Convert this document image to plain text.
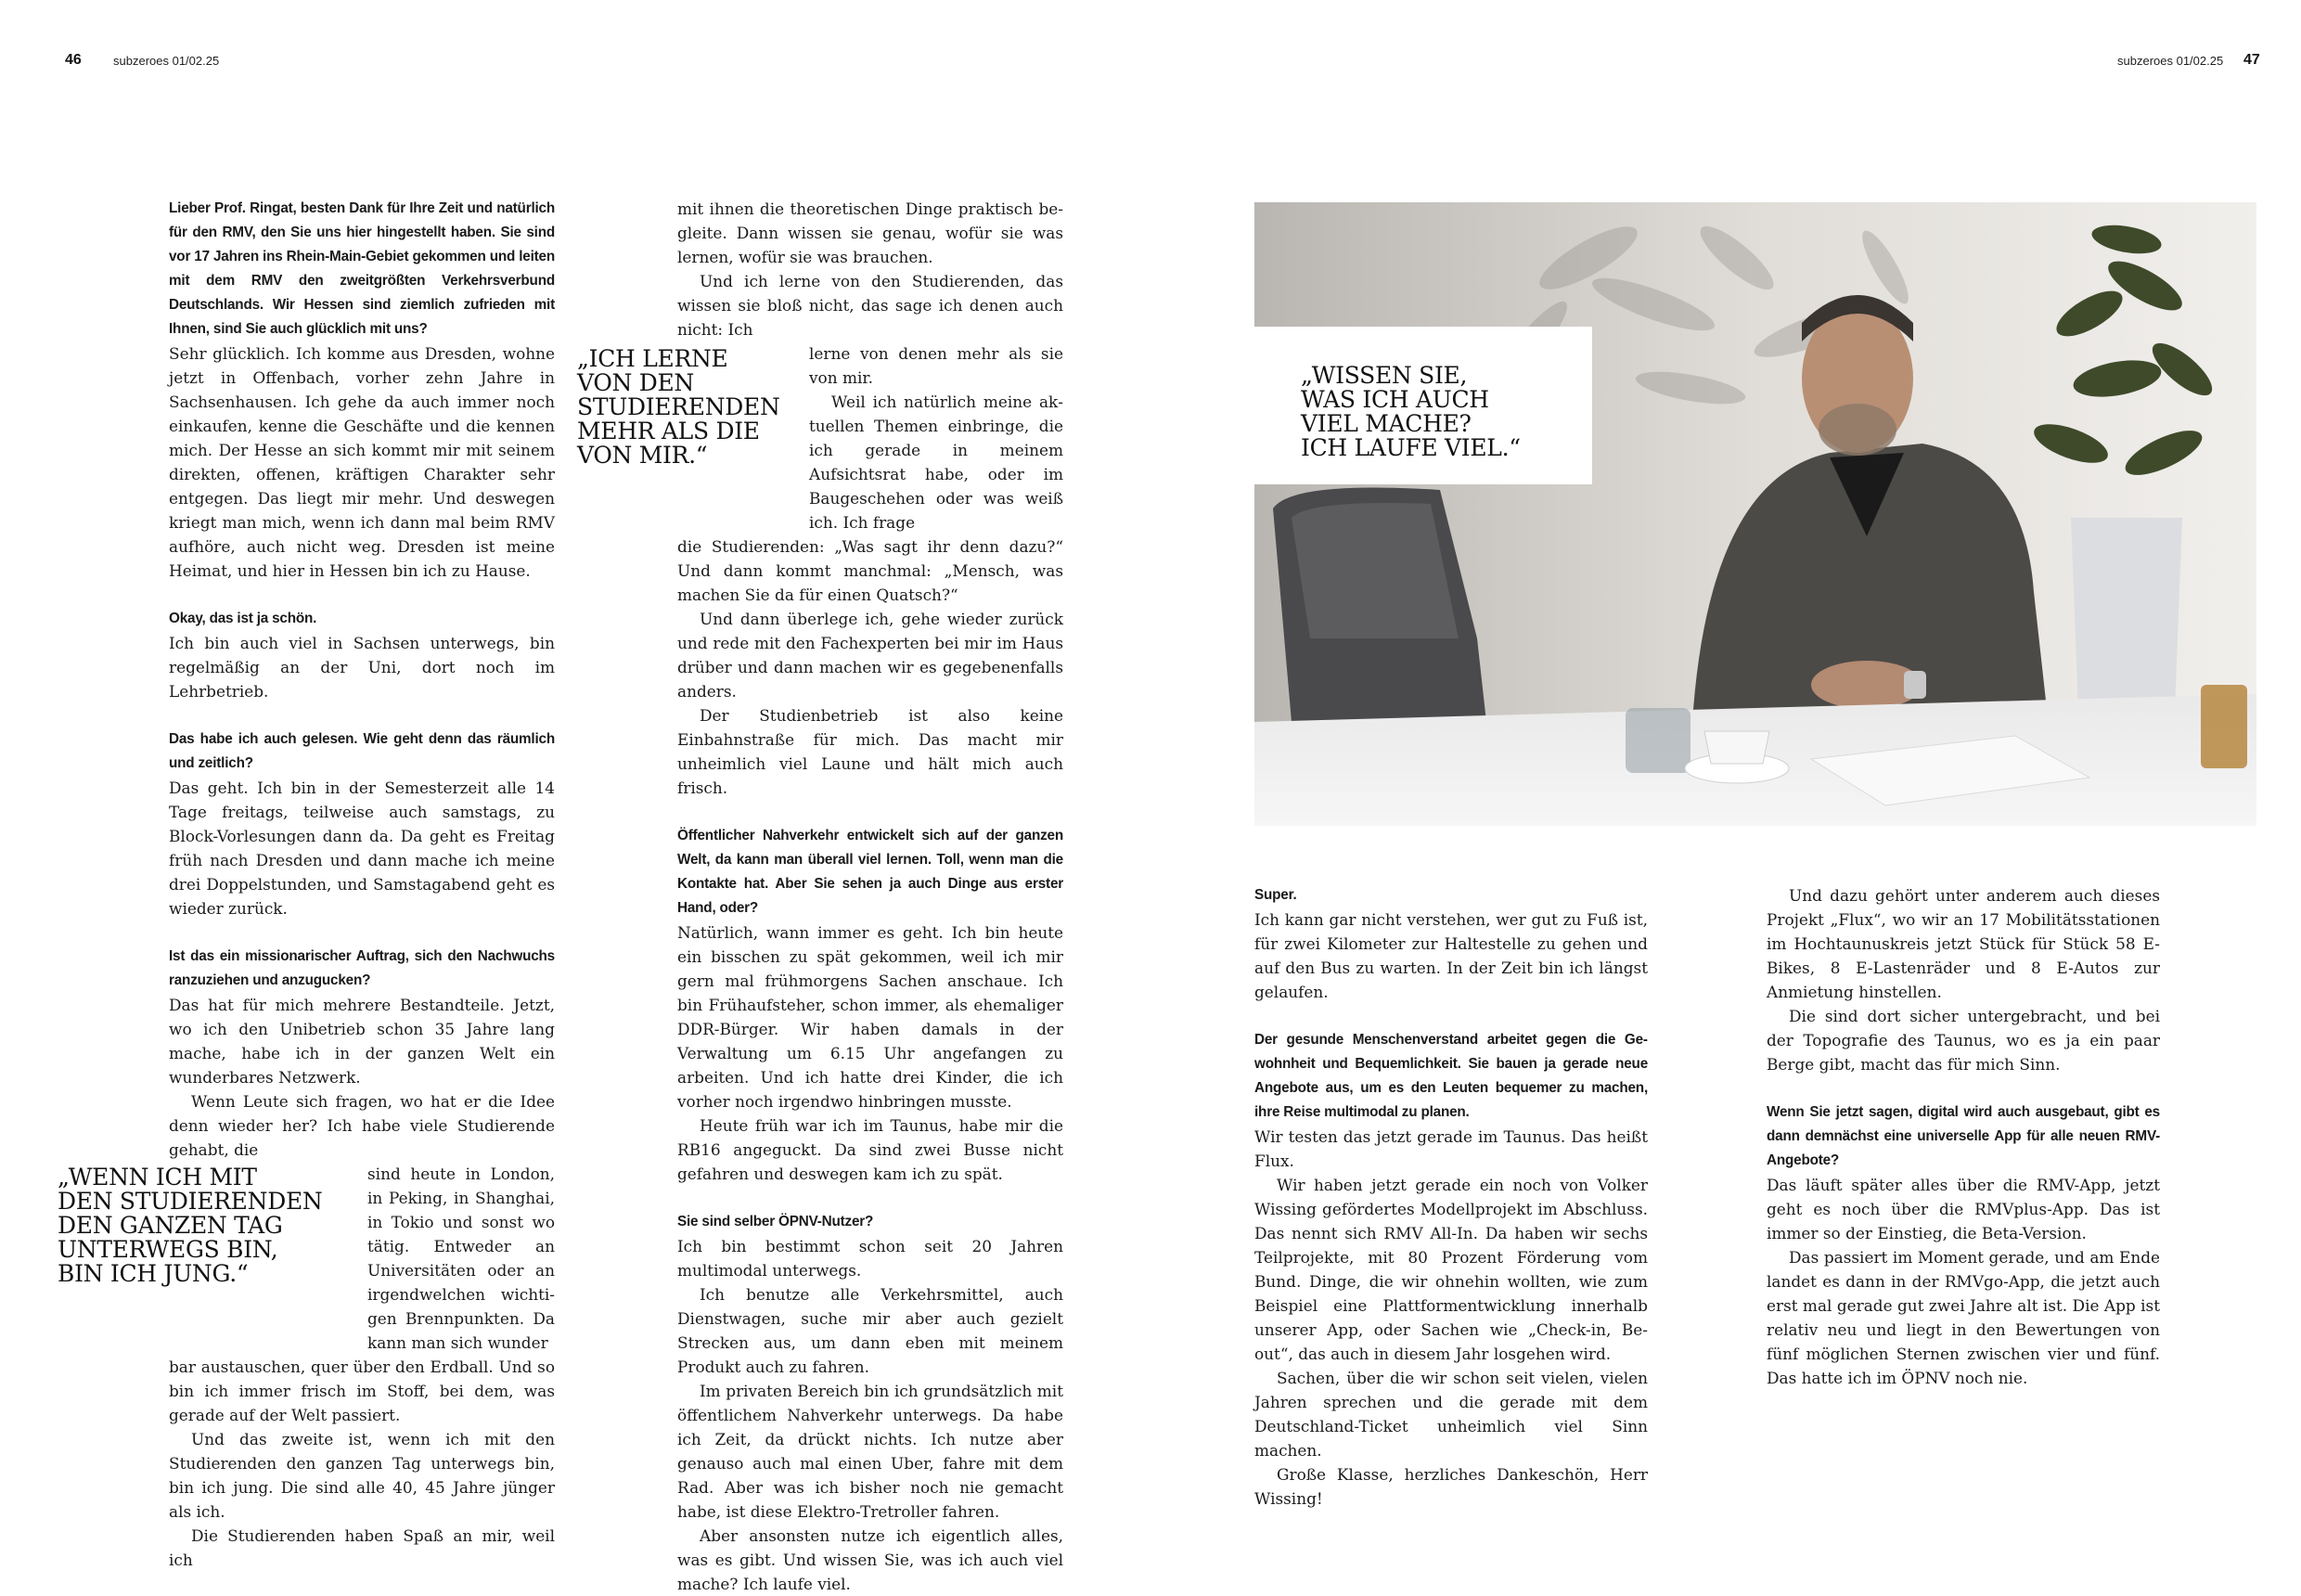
46	subzeroes 01/02.25	subzeroes 01/02.25 47

Lieber Prof. Ringat, besten Dank für Ihre Zeit und natürlich für den RMV, den Sie uns hier hingestellt haben. Sie sind vor 17 Jahren ins Rhein-Main-Gebiet gekommen und leiten mit dem RMV den zweitgrößten Verkehrsverbund Deutschlands. Wir Hessen sind ziemlich zufrieden mit Ihnen, sind Sie auch glücklich mit uns?

Sehr glücklich. Ich komme aus Dresden, wohne jetzt in Offenbach, vorher zehn Jahre in Sachsenhausen. Ich gehe da auch immer noch einkaufen, kenne die Geschäfte und die kennen mich. Der Hesse an sich kommt mir mit seinem direkten, offenen, kräftigen Charakter sehr entgegen. Das liegt mir mehr. Und deswegen kriegt man mich, wenn ich dann mal beim RMV aufhöre, auch nicht weg. Dresden ist meine Heimat, und hier in Hessen bin ich zu Hause.

Okay, das ist ja schön.

Ich bin auch viel in Sachsen unterwegs, bin regelmäßig an der Uni, dort noch im Lehrbetrieb.

Das habe ich auch gelesen. Wie geht denn das räumlich und zeitlich?

Das geht. Ich bin in der Semesterzeit alle 14 Tage freitags, teilweise auch samstags, zu Block-Vorlesungen dann da. Da geht es Freitag früh nach Dresden und dann mache ich meine drei Doppelstunden, und Samstagabend geht es wieder zurück.

Ist das ein missionarischer Auftrag, sich den Nachwuchs ranzuziehen und anzugucken?

Das hat für mich mehrere Bestandteile. Jetzt, wo ich den Unibetrieb schon 35 Jahre lang mache, habe ich in der ganzen Welt ein wunderbares Netzwerk.

Wenn Leute sich fragen, wo hat er die Idee denn wieder her? Ich habe viele Studierende gehabt, die

sind heute in London, in Peking, in Shanghai, in Tokio und sonst wo tätig. Entweder an Universitäten oder an irgendwelchen wichtigen Brennpunkten. Da kann man sich wunder

bar austauschen, quer über den Erdball. Und so bin ich immer frisch im Stoff, bei dem, was gerade auf der Welt passiert.

Und das zweite ist, wenn ich mit den Studierenden den ganzen Tag unterwegs bin, bin ich jung. Die sind alle 40, 45 Jahre jünger als ich.

Die Studierenden haben Spaß an mir, weil ich

„ICH LERNE
VON DEN
STUDIERENDEN
MEHR ALS DIE
VON MIR.“

mit ihnen die theoretischen Dinge praktisch begleite. Dann wissen sie genau, wofür sie was lernen, wofür sie was brauchen.

Und ich lerne von den Studierenden, das wissen sie bloß nicht, das sage ich denen auch nicht: Ich

lerne von denen mehr als sie von mir.

Weil ich natürlich meine aktuellen Themen einbringe, die ich gerade in meinem Aufsichtsrat habe, oder im Baugeschehen oder was weiß ich. Ich frage

die Studierenden: „Was sagt ihr denn dazu?“ Und dann kommt manchmal: „Mensch, was machen Sie da für einen Quatsch?“

Und dann überlege ich, gehe wieder zurück und rede mit den Fachexperten bei mir im Haus drüber und dann machen wir es gegebenenfalls anders.

Der Studienbetrieb ist also keine Einbahnstraße für mich. Das macht mir unheimlich viel Laune und hält mich auch frisch.

Öffentlicher Nahverkehr entwickelt sich auf der ganzen Welt, da kann man überall viel lernen. Toll, wenn man die Kontakte hat. Aber Sie sehen ja auch Dinge aus erster Hand, oder?

Natürlich, wann immer es geht. Ich bin heute ein bisschen zu spät gekommen, weil ich mir gern mal frühmorgens Sachen anschaue. Ich bin Frühaufsteher, schon immer, als ehemaliger DDR-Bürger. Wir haben damals in der Verwaltung um 6.15 Uhr angefangen zu arbeiten. Und ich hatte drei Kinder, die ich vorher noch irgendwo hinbringen musste.

Heute früh war ich im Taunus, habe mir die RB16 angeguckt. Da sind zwei Busse nicht gefahren und deswegen kam ich zu spät.

Sie sind selber ÖPNV-Nutzer?

Ich bin bestimmt schon seit 20 Jahren multimodal unterwegs.

Ich benutze alle Verkehrsmittel, auch Dienstwagen, suche mir aber auch gezielt Strecken aus, um dann eben mit meinem Produkt auch zu fahren.

Im privaten Bereich bin ich grundsätzlich mit öffentlichem Nahverkehr unterwegs. Da habe ich Zeit, da drückt nichts. Ich nutze aber genauso auch mal einen Uber, fahre mit dem Rad. Aber was ich bisher noch nie gemacht habe, ist diese Elektro-Tretroller fahren.

Aber ansonsten nutze ich eigentlich alles, was es gibt. Und wissen Sie, was ich auch viel mache? Ich laufe viel.

„WENN ICH MIT
DEN STUDIERENDEN
DEN GANZEN TAG
UNTERWEGS BIN,
BIN ICH JUNG.“
„WISSEN SIE,
WAS ICH AUCH
VIEL MACHE?
ICH LAUFE VIEL.“

Super.

Ich kann gar nicht verstehen, wer gut zu Fuß ist, für zwei Kilometer zur Haltestelle zu gehen und auf den Bus zu warten. In der Zeit bin ich längst gelaufen.

Der gesunde Menschenverstand arbeitet gegen die Gewohnheit und Bequemlichkeit. Sie bauen ja gerade neue Angebote aus, um es den Leuten bequemer zu machen, ihre Reise multimodal zu planen.

Wir testen das jetzt gerade im Taunus. Das heißt Flux.

Wir haben jetzt gerade ein noch von Volker Wissing gefördertes Modellprojekt im Abschluss. Das nennt sich RMV All-In. Da haben wir sechs Teilprojekte, mit 80 Prozent Förderung vom Bund. Dinge, die wir ohnehin wollten, wie zum Beispiel eine Plattformentwicklung innerhalb unserer App, oder Sachen wie „Check-in, Be-out“, das auch in diesem Jahr losgehen wird.

Sachen, über die wir schon seit vielen, vielen Jahren sprechen und die gerade mit dem Deutschland-Ticket unheimlich viel Sinn machen.

Große Klasse, herzliches Dankeschön, Herr Wissing!

Und dazu gehört unter anderem auch dieses Projekt „Flux“, wo wir an 17 Mobilitätsstationen im Hochtaunuskreis jetzt Stück für Stück 58 E-Bikes, 8 E-Lastenräder und 8 E-Autos zur Anmietung hinstellen.

Die sind dort sicher untergebracht, und bei der Topografie des Taunus, wo es ja ein paar Berge gibt, macht das für mich Sinn.

Wenn Sie jetzt sagen, digital wird auch ausgebaut, gibt es dann demnächst eine universelle App für alle neuen RMV-Angebote?

Das läuft später alles über die RMV-App, jetzt geht es noch über die RMVplus-App. Das ist immer so der Einstieg, die Beta-Version.

Das passiert im Moment gerade, und am Ende landet es dann in der RMVgo-App, die jetzt auch erst mal gerade gut zwei Jahre alt ist. Die App ist relativ neu und liegt in den Bewertungen von fünf möglichen Sternen zwischen vier und fünf. Das hatte ich im ÖPNV noch nie.
